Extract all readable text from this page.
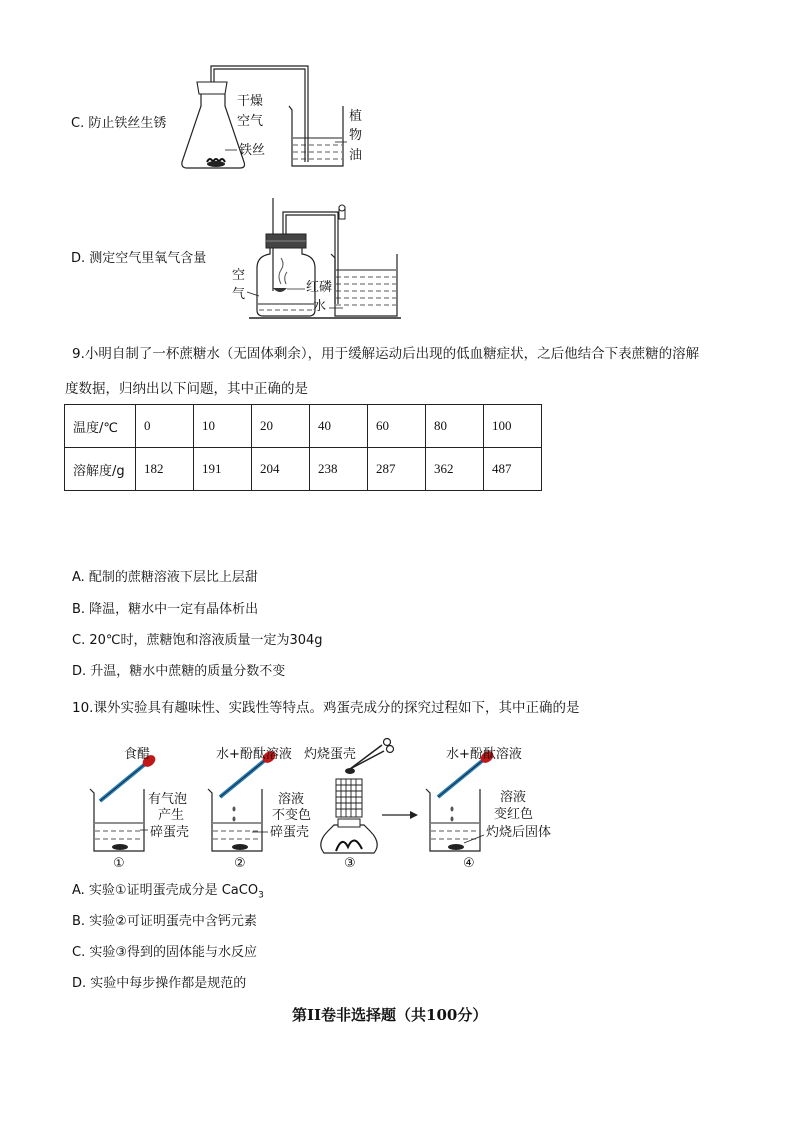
C. 防止铁丝生锈
D. 测定空气里氧气含量
干燥
空气
铁丝
植
物
油
空
气	红磷
水
9.小明自制了一杯蔗糖水（无固体剩余），用于缓解运动后出现的低血糖症状，之后他结合下表蔗糖的溶解
度数据，归纳出以下问题，其中正确的是
温度/℃	0	10	20	40	60	80	100
溶解度/g	182	191	204	238	287	362	487
A. 配制的蔗糖溶液下层比上层甜
B. 降温，糖水中一定有晶体析出
C. 20℃时，蔗糖饱和溶液质量一定为304g
D. 升温，糖水中蔗糖的质量分数不变
10.课外实验具有趣味性、实践性等特点。鸡蛋壳成分的探究过程如下，其中正确的是
食醋
有气泡
产生
碎蛋壳
水+酚酞溶液
溶液
不变色
碎蛋壳
灼烧蛋壳	水+酚酞溶液
溶液
变红色
灼烧后固体
①	②	③	④
A. 实验①证明蛋壳成分是 CaCO$_3$
B. 实验②可证明蛋壳中含钙元素
C. 实验③得到的固体能与水反应
D. 实验中每步操作都是规范的
第II卷非选择题（共100分）
